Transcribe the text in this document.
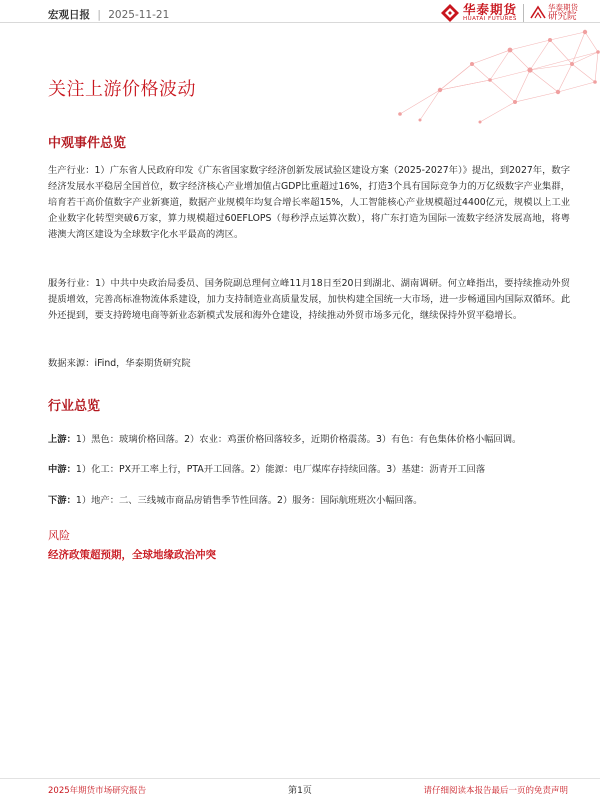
宏观日报 | 2025-11-21	华泰期货
HUATAI FUTURES
华泰期货
研究院
关注上游价格波动
中观事件总览
生产行业：1）广东省人民政府印发《广东省国家数字经济创新发展试验区建设方案（2025-2027年）》提出，到2027年，数字经济发展水平稳居全国首位，数字经济核心产业增加值占GDP比重超过16%，打造3个具有国际竞争力的万亿级数字产业集群，培育若干高价值数字产业新赛道，数据产业规模年均复合增长率超15%，人工智能核心产业规模超过4400亿元，规模以上工业企业数字化转型突破6万家，算力规模超过60EFLOPS（每秒浮点运算次数），将广东打造为国际一流数字经济发展高地，将粤港澳大湾区建设为全球数字化水平最高的湾区。
服务行业：1）中共中央政治局委员、国务院副总理何立峰11月18日至20日到湖北、湖南调研。何立峰指出，要持续推动外贸提质增效，完善高标准物流体系建设，加力支持制造业高质量发展，加快构建全国统一大市场，进一步畅通国内国际双循环。此外还提到，要支持跨境电商等新业态新模式发展和海外仓建设，持续推动外贸市场多元化，继续保持外贸平稳增长。
数据来源：iFind，华泰期货研究院
行业总览
上游：1）黑色：玻璃价格回落。2）农业：鸡蛋价格回落较多，近期价格震荡。3）有色：有色集体价格小幅回调。
中游：1）化工：PX开工率上行，PTA开工回落。2）能源：电厂煤库存持续回落。3）基建：沥青开工回落
下游：1）地产：二、三线城市商品房销售季节性回落。2）服务：国际航班班次小幅回落。
风险
经济政策超预期，全球地缘政治冲突
2025年期货市场研究报告	第1页	请仔细阅读本报告最后一页的免责声明
